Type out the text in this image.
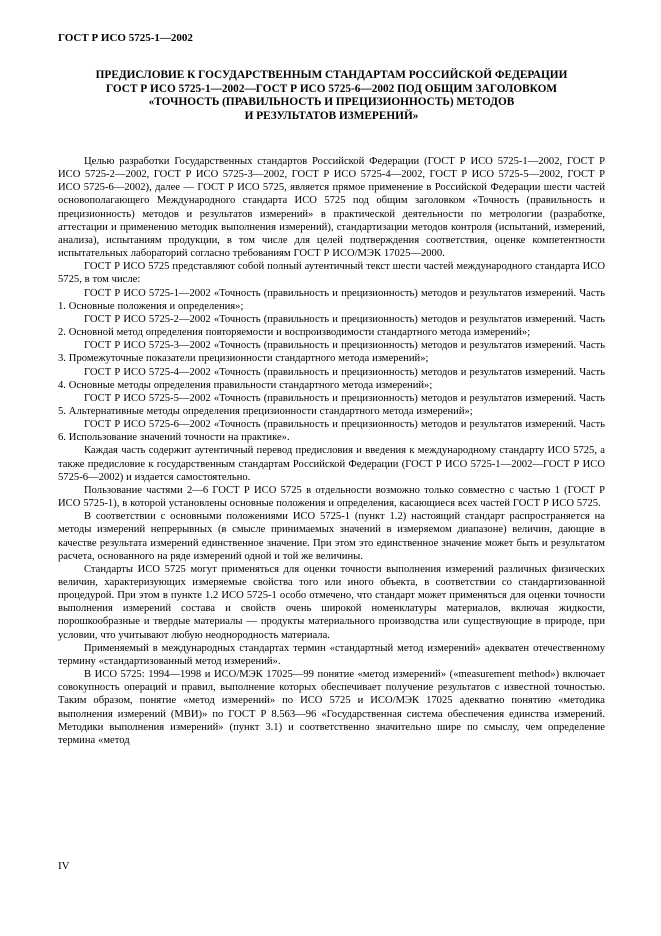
ГОСТ Р ИСО 5725-1—2002
ПРЕДИСЛОВИЕ К ГОСУДАРСТВЕННЫМ СТАНДАРТАМ РОССИЙСКОЙ ФЕДЕРАЦИИ
ГОСТ Р ИСО 5725-1—2002—ГОСТ Р ИСО 5725-6—2002 ПОД ОБЩИМ ЗАГОЛОВКОМ
«ТОЧНОСТЬ (ПРАВИЛЬНОСТЬ И ПРЕЦИЗИОННОСТЬ) МЕТОДОВ
И РЕЗУЛЬТАТОВ ИЗМЕРЕНИЙ»

Целью разработки Государственных стандартов Российской Федерации (ГОСТ Р ИСО 5725-1—2002, ГОСТ Р ИСО 5725-2—2002, ГОСТ Р ИСО 5725-3—2002, ГОСТ Р ИСО 5725-4—2002, ГОСТ Р ИСО 5725-5—2002, ГОСТ Р ИСО 5725-6—2002), далее — ГОСТ Р ИСО 5725, является прямое применение в Российской Федерации шести частей основополагающего Международного стандарта ИСО 5725 под общим заголовком «Точность (правильность и прецизионность) методов и результатов измерений» в практической деятельности по метрологии (разработке, аттестации и применению методик выполнения измерений), стандартизации методов контроля (испытаний, измерений, анализа), испытаниям продукции, в том числе для целей подтверждения соответствия, оценке компетентности испытательных лабораторий согласно требованиям ГОСТ Р ИСО/МЭК 17025—2000.

ГОСТ Р ИСО 5725 представляют собой полный аутентичный текст шести частей международного стандарта ИСО 5725, в том числе:

ГОСТ Р ИСО 5725-1—2002 «Точность (правильность и прецизионность) методов и результатов измерений. Часть 1. Основные положения и определения»;

ГОСТ Р ИСО 5725-2—2002 «Точность (правильность и прецизионность) методов и результатов измерений. Часть 2. Основной метод определения повторяемости и воспроизводимости стандартного метода измерений»;

ГОСТ Р ИСО 5725-3—2002 «Точность (правильность и прецизионность) методов и результатов измерений. Часть 3. Промежуточные показатели прецизионности стандартного метода измерений»;

ГОСТ Р ИСО 5725-4—2002 «Точность (правильность и прецизионность) методов и результатов измерений. Часть 4. Основные методы определения правильности стандартного метода измерений»;

ГОСТ Р ИСО 5725-5—2002 «Точность (правильность и прецизионность) методов и результатов измерений. Часть 5. Альтернативные методы определения прецизионности стандартного метода измерений»;

ГОСТ Р ИСО 5725-6—2002 «Точность (правильность и прецизионность) методов и результатов измерений. Часть 6. Использование значений точности на практике».

Каждая часть содержит аутентичный перевод предисловия и введения к международному стандарту ИСО 5725, а также предисловие к государственным стандартам Российской Федерации (ГОСТ Р ИСО 5725-1—2002—ГОСТ Р ИСО 5725-6—2002) и издается самостоятельно.

Пользование частями 2—6 ГОСТ Р ИСО 5725 в отдельности возможно только совместно с частью 1 (ГОСТ Р ИСО 5725-1), в которой установлены основные положения и определения, касающиеся всех частей ГОСТ Р ИСО 5725.

В соответствии с основными положениями ИСО 5725-1 (пункт 1.2) настоящий стандарт распространяется на методы измерений непрерывных (в смысле принимаемых значений в измеряемом диапазоне) величин, дающие в качестве результата измерений единственное значение. При этом это единственное значение может быть и результатом расчета, основанного на ряде измерений одной и той же величины.

Стандарты ИСО 5725 могут применяться для оценки точности выполнения измерений различных физических величин, характеризующих измеряемые свойства того или иного объекта, в соответствии со стандартизованной процедурой. При этом в пункте 1.2 ИСО 5725-1 особо отмечено, что стандарт может применяться для оценки точности выполнения измерений состава и свойств очень широкой номенклатуры материалов, включая жидкости, порошкообразные и твердые материалы — продукты материального производства или существующие в природе, при условии, что учитывают любую неоднородность материала.

Применяемый в международных стандартах термин «стандартный метод измерений» адекватен отечественному термину «стандартизованный метод измерений».

В ИСО 5725: 1994—1998 и ИСО/МЭК 17025—99 понятие «метод измерений» («measurement method») включает совокупность операций и правил, выполнение которых обеспечивает получение результатов с известной точностью. Таким образом, понятие «метод измерений» по ИСО 5725 и ИСО/МЭК 17025 адекватно понятию «методика выполнения измерений (МВИ)» по ГОСТ Р 8.563—96 «Государственная система обеспечения единства измерений. Методики выполнения измерений» (пункт 3.1) и соответственно значительно шире по смыслу, чем определение термина «метод

IV
